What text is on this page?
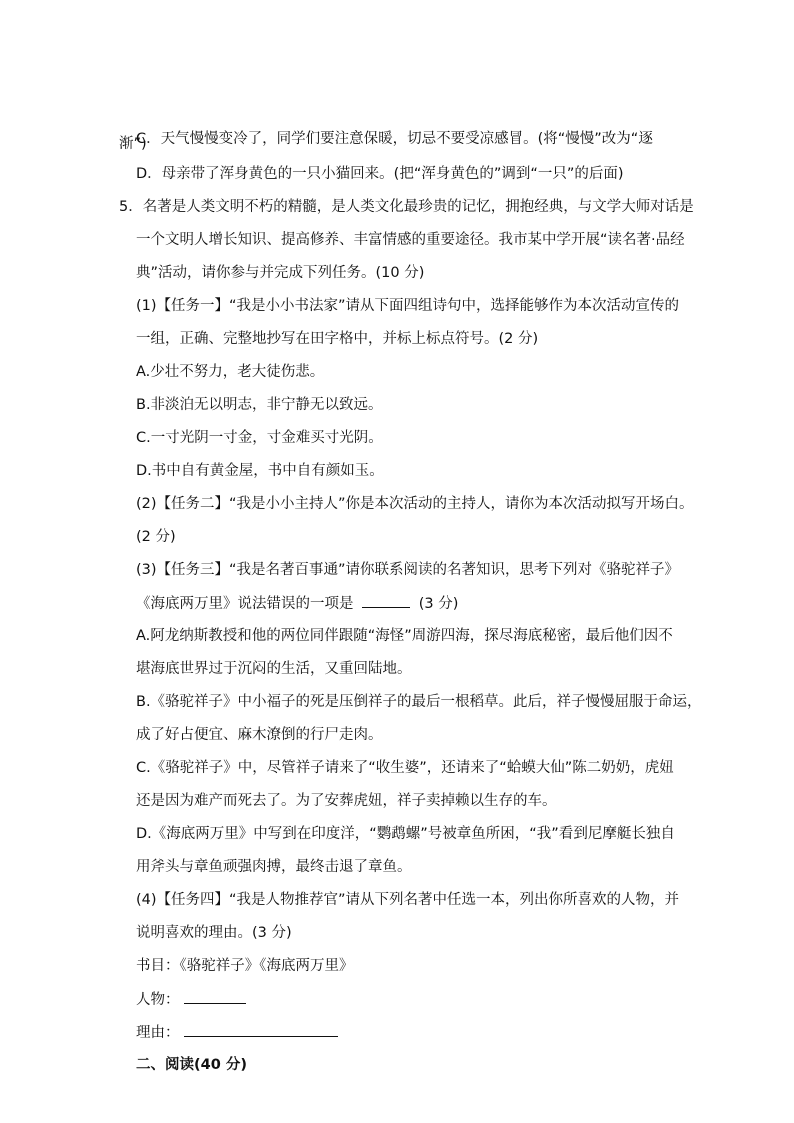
C．天气慢慢变冷了，同学们要注意保暖，切忌不要受凉感冒。(将“慢慢”改为“逐
渐”)
D．母亲带了浑身黄色的一只小猫回来。(把“浑身黄色的”调到“一只”的后面)
5．名著是人类文明不朽的精髓，是人类文化最珍贵的记忆，拥抱经典，与文学大师对话是
一个文明人增长知识、提高修养、丰富情感的重要途径。我市某中学开展“读名著·品经
典”活动，请你参与并完成下列任务。(10 分)
(1)【任务一】“我是小小书法家”请从下面四组诗句中，选择能够作为本次活动宣传的
一组，正确、完整地抄写在田字格中，并标上标点符号。(2 分)
A.少壮不努力，老大徒伤悲。
B.非淡泊无以明志，非宁静无以致远。
C.一寸光阴一寸金，寸金难买寸光阴。
D.书中自有黄金屋，书中自有颜如玉。
(2)【任务二】“我是小小主持人”你是本次活动的主持人，请你为本次活动拟写开场白。
(2 分)
(3)【任务三】“我是名著百事通”请你联系阅读的名著知识，思考下列对《骆驼祥子》
《海底两万里》说法错误的一项是	(3 分)
A.阿龙纳斯教授和他的两位同伴跟随“海怪”周游四海，探尽海底秘密，最后他们因不
堪海底世界过于沉闷的生活，又重回陆地。
B.《骆驼祥子》中小福子的死是压倒祥子的最后一根稻草。此后，祥子慢慢屈服于命运，
成了好占便宜、麻木潦倒的行尸走肉。
C.《骆驼祥子》中，尽管祥子请来了“收生婆”，还请来了“蛤蟆大仙”陈二奶奶，虎妞
还是因为难产而死去了。为了安葬虎妞，祥子卖掉赖以生存的车。
D.《海底两万里》中写到在印度洋，“鹦鹉螺”号被章鱼所困，“我”看到尼摩艇长独自
用斧头与章鱼顽强肉搏，最终击退了章鱼。
(4)【任务四】“我是人物推荐官”请从下列名著中任选一本，列出你所喜欢的人物，并
说明喜欢的理由。(3 分)
书目：《骆驼祥子》《海底两万里》
人物：
理由：
二、阅读(40 分)
